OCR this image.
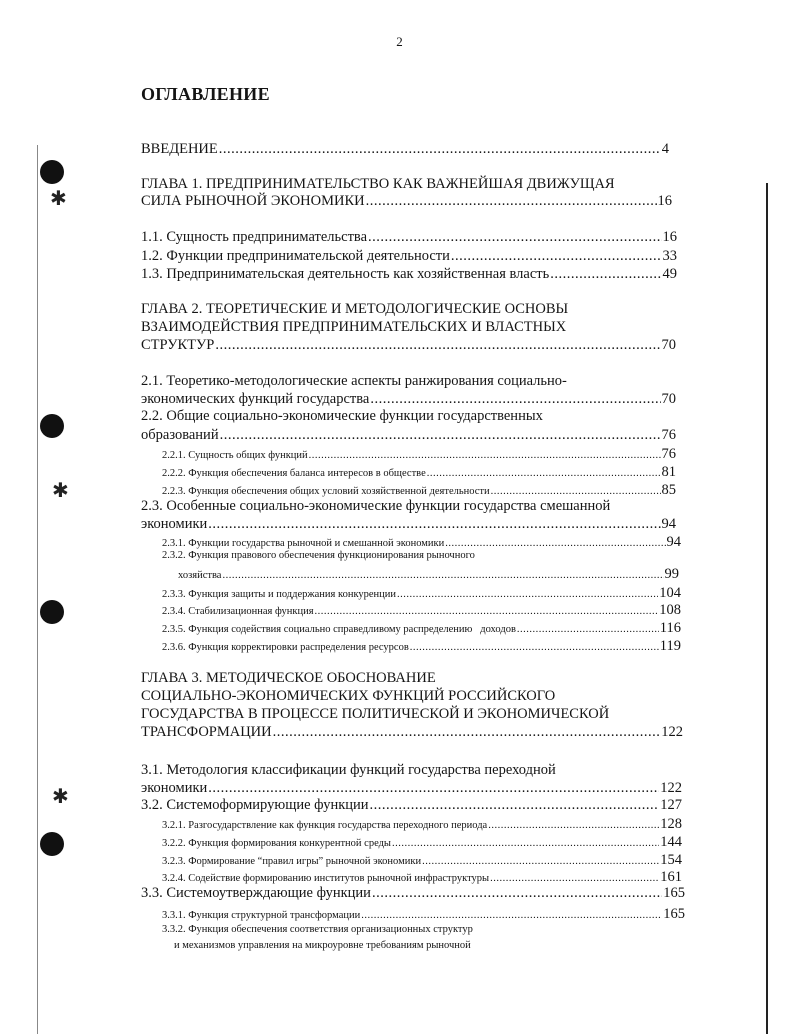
✱
✱
✱
2
ОГЛАВЛЕНИЕ
ВВЕДЕНИЕ .....	4
ГЛАВА 1. ПРЕДПРИНИМАТЕЛЬСТВО КАК ВАЖНЕЙШАЯ ДВИЖУЩАЯ
СИЛА РЫНОЧНОЙ ЭКОНОМИКИ .....	16
1.1. Сущность предпринимательства .....	16
1.2. Функции предпринимательской деятельности .....	33
1.3. Предпринимательская деятельность как хозяйственная власть .....	49
ГЛАВА 2. ТЕОРЕТИЧЕСКИЕ И МЕТОДОЛОГИЧЕСКИЕ ОСНОВЫ
ВЗАИМОДЕЙСТВИЯ ПРЕДПРИНИМАТЕЛЬСКИХ И ВЛАСТНЫХ
СТРУКТУР .....	70
2.1. Теоретико-методологические аспекты ранжирования социально-
экономических функций государства .....	70
2.2. Общие социально-экономические функции государственных
образований .....	76
2.2.1. Сущность общих функций .....	76
2.2.2. Функция обеспечения баланса интересов в обществе .....	81
2.2.3. Функция обеспечения общих условий хозяйственной деятельности .....	85
2.3. Особенные социально-экономические функции государства смешанной
экономики .....	94
2.3.1. Функции государства рыночной и смешанной экономики .....	94
2.3.2. Функция правового обеспечения функционирования рыночного
хозяйства .....	99
2.3.3. Функция защиты и поддержания конкуренции .....	104
2.3.4. Стабилизационная функция .....	108
2.3.5. Функция содействия социально справедливому распределению   доходов .....	116
2.3.6. Функция корректировки распределения ресурсов .....	119
ГЛАВА 3. МЕТОДИЧЕСКОЕ ОБОСНОВАНИЕ
СОЦИАЛЬНО-ЭКОНОМИЧЕСКИХ ФУНКЦИЙ РОССИЙСКОГО
ГОСУДАРСТВА В ПРОЦЕССЕ ПОЛИТИЧЕСКОЙ И ЭКОНОМИЧЕСКОЙ
ТРАНСФОРМАЦИИ .....	122
3.1. Методология классификации функций государства переходной
экономики .....	122
3.2. Системоформирующие функции .....	127
3.2.1. Разгосударствление как функция государства переходного периода .....	128
3.2.2. Функция формирования конкурентной среды .....	144
3.2.3. Формирование “правил игры” рыночной экономики .....	154
3.2.4. Содействие формированию институтов рыночной инфраструктуры .....	161
3.3. Системоутверждающие функции .....	165
3.3.1. Функция структурной трансформации .....	165
3.3.2. Функция обеспечения соответствия организационных структур
и механизмов управления на микроуровне требованиям рыночной
